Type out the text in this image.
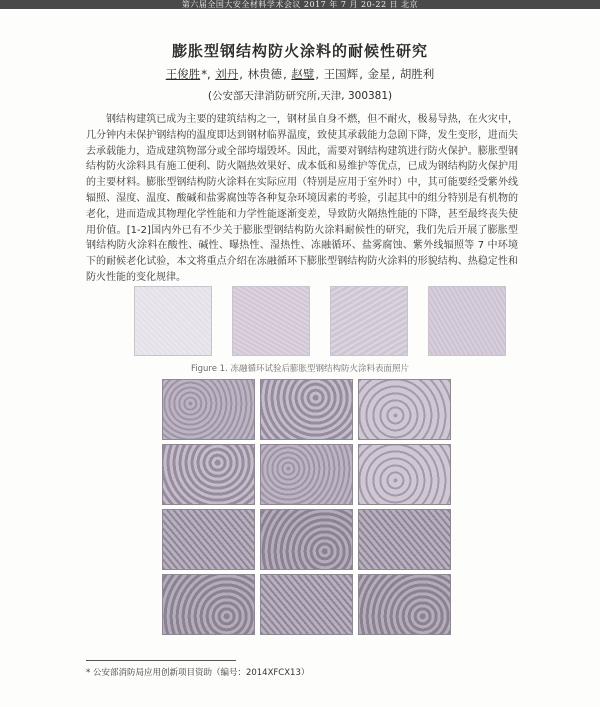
第六届全国大安全材料学术会议 2017 年 7 月 20-22 日 北京
膨胀型钢结构防火涂料的耐候性研究
王俊胜*, 刘丹, 林贵德, 赵璧, 王国辉, 金星, 胡胜利
(公安部天津消防研究所,天津, 300381)

钢结构建筑已成为主要的建筑结构之一，钢材虽自身不燃，但不耐火，极易导热，在火灾中，几分钟内未保护钢结构的温度即达到钢材临界温度，致使其承载能力急剧下降，发生变形，进而失去承载能力，造成建筑物部分或全部垮塌毁坏。因此，需要对钢结构建筑进行防火保护。膨胀型钢结构防火涂料具有施工便利、防火隔热效果好、成本低和易维护等优点，已成为钢结构防火保护用的主要材料。膨胀型钢结构防火涂料在实际应用（特别是应用于室外时）中，其可能要经受紫外线辐照、湿度、温度、酸碱和盐雾腐蚀等各种复杂环境因素的考验，引起其中的组分特别是有机物的老化，进而造成其物理化学性能和力学性能逐渐变差，导致防火隔热性能的下降，甚至最终丧失使用价值。[1-2]国内外已有不少关于膨胀型钢结构防火涂料耐候性的研究，我们先后开展了膨胀型钢结构防火涂料在酸性、碱性、曝热性、湿热性、冻融循环、盐雾腐蚀、紫外线辐照等 7 中环境下的耐候老化试验，本文将重点介绍在冻融循环下膨胀型钢结构防火涂料的形貌结构、热稳定性和防火性能的变化规律。

Figure 1. 冻融循环试验后膨胀型钢结构防火涂料表面照片
* 公安部消防局应用创新项目资助（编号：2014XFCX13）
